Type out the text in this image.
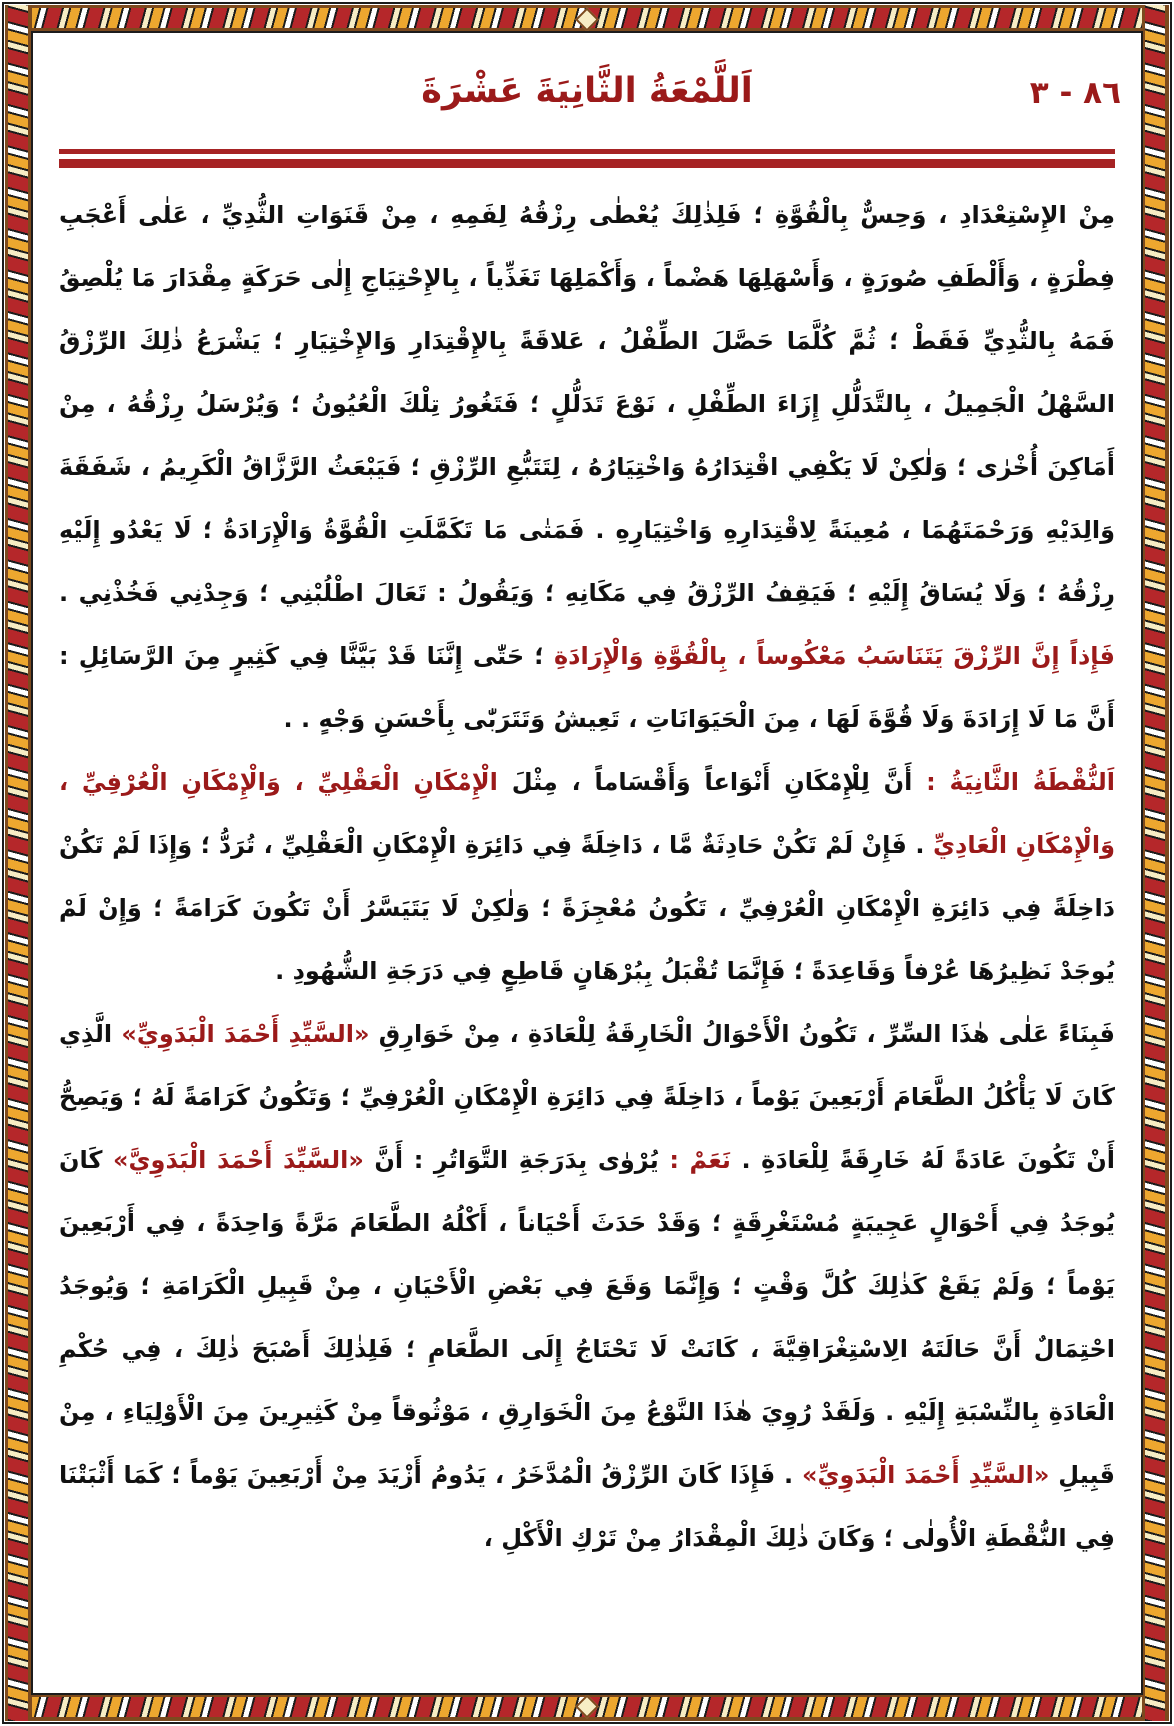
اَللَّمْعَةُ الثَّانِيَةَ عَشْرَةَ	٨٦ - ٣

مِنْ الإِسْتِعْدَادِ ، وَحِسٌّ بِالْقُوَّةِ ؛ فَلِذٰلِكَ يُعْطٰى رِزْقُهُ لِفَمِهِ ، مِنْ قَنَوَاتِ الثُّدِيِّ ، عَلٰى أَعْجَبِ فِطْرَةٍ ، وَأَلْطَفِ صُورَةٍ ، وَأَسْهَلِهَا هَضْماً ، وَأَكْمَلِهَا تَغَذِّياً ، بِالإِحْتِيَاجِ إِلٰى حَرَكَةٍ مِقْدَارَ مَا يُلْصِقُ فَمَهُ بِالثُّدِيِّ فَقَطْ ؛ ثُمَّ كُلَّمَا حَصَّلَ الطِّفْلُ ، عَلاقَةً بِالإِقْتِدَارِ وَالإِخْتِيَارِ ؛ يَشْرَعُ ذٰلِكَ الرِّزْقُ السَّهْلُ الْجَمِيلُ ، بِالتَّدَلُّلِ إِزَاءَ الطِّفْلِ ، نَوْعَ تَدَلُّلٍ ؛ فَتَغُورُ تِلْكَ الْعُيُونُ ؛ وَيُرْسَلُ رِزْقُهُ ، مِنْ أَمَاكِنَ أُخْرٰى ؛ وَلٰكِنْ لَا يَكْفِي اقْتِدَارُهُ وَاخْتِيَارُهُ ، لِتَتَبُّعِ الرِّزْقِ ؛ فَيَبْعَثُ الرَّزَّاقُ الْكَرِيمُ ، شَفَقَةَ وَالِدَيْهِ وَرَحْمَتَهُمَا ، مُعِينَةً لِاقْتِدَارِهِ وَاخْتِيَارِهِ . فَمَتٰى مَا تَكَمَّلَتِ الْقُوَّةُ وَالْإِرَادَةُ ؛ لَا يَعْدُو إِلَيْهِ رِزْقُهُ ؛ وَلَا يُسَاقُ إِلَيْهِ ؛ فَيَقِفُ الرِّزْقُ فِي مَكَانِهِ ؛ وَيَقُولُ : تَعَالَ اطْلُبْنِي ؛ وَجِدْنِي فَخُذْنِي . فَإِذاً إِنَّ الرِّزْقَ يَتَنَاسَبُ مَعْكُوساً ، بِالْقُوَّةِ وَالْإِرَادَةِ ؛ حَتّٰى إِنَّنَا قَدْ بَيَّنَّا فِي كَثِيرٍ مِنَ الرَّسَائِلِ : أَنَّ مَا لَا إِرَادَةَ وَلَا قُوَّةَ لَهَا ، مِنَ الْحَيَوَانَاتِ ، تَعِيشُ وَتَتَرَبّٰى بِأَحْسَنِ وَجْهٍ . .

اَلنُّقْطَةُ الثَّانِيَةُ : أَنَّ لِلْإِمْكَانِ أَنْوَاعاً وَأَقْسَاماً ، مِثْلَ الْإِمْكَانِ الْعَقْلِيِّ ، وَالْإِمْكَانِ الْعُرْفِيِّ ، وَالْإِمْكَانِ الْعَادِيِّ . فَإِنْ لَمْ تَكُنْ حَادِثَةٌ مَّا ، دَاخِلَةً فِي دَائِرَةِ الْإِمْكَانِ الْعَقْلِيِّ ، تُرَدُّ ؛ وَإِذَا لَمْ تَكُنْ دَاخِلَةً فِي دَائِرَةِ الْإِمْكَانِ الْعُرْفِيِّ ، تَكُونُ مُعْجِزَةً ؛ وَلٰكِنْ لَا يَتَيَسَّرُ أَنْ تَكُونَ كَرَامَةً ؛ وَإِنْ لَمْ يُوجَدْ نَظِيرُهَا عُرْفاً وَقَاعِدَةً ؛ فَإِنَّمَا تُقْبَلُ بِبُرْهَانٍ قَاطِعٍ فِي دَرَجَةِ الشُّهُودِ .

فَبِنَاءً عَلٰى هٰذَا السِّرِّ ، تَكُونُ الْأَحْوَالُ الْخَارِقَةُ لِلْعَادَةِ ، مِنْ خَوَارِقِ «السَّيِّدِ أَحْمَدَ الْبَدَوِيِّ» الَّذِي كَانَ لَا يَأْكُلُ الطَّعَامَ أَرْبَعِينَ يَوْماً ، دَاخِلَةً فِي دَائِرَةِ الْإِمْكَانِ الْعُرْفِيِّ ؛ وَتَكُونُ كَرَامَةً لَهُ ؛ وَيَصِحُّ أَنْ تَكُونَ عَادَةً لَهُ خَارِقَةً لِلْعَادَةِ . نَعَمْ : يُرْوٰى بِدَرَجَةِ التَّوَاتُرِ : أَنَّ «السَّيِّدَ أَحْمَدَ الْبَدَوِيَّ» كَانَ يُوجَدُ فِي أَحْوَالٍ عَجِيبَةٍ مُسْتَغْرِقَةٍ ؛ وَقَدْ حَدَثَ أَحْيَاناً ، أَكْلُهُ الطَّعَامَ مَرَّةً وَاحِدَةً ، فِي أَرْبَعِينَ يَوْماً ؛ وَلَمْ يَقَعْ كَذٰلِكَ كُلَّ وَقْتٍ ؛ وَإِنَّمَا وَقَعَ فِي بَعْضِ الْأَحْيَانِ ، مِنْ قَبِيلِ الْكَرَامَةِ ؛ وَيُوجَدُ احْتِمَالٌ أَنَّ حَالَتَهُ الِاسْتِغْرَاقِيَّةَ ، كَانَتْ لَا تَحْتَاجُ إِلَى الطَّعَامِ ؛ فَلِذٰلِكَ أَصْبَحَ ذٰلِكَ ، فِي حُكْمِ الْعَادَةِ بِالنِّسْبَةِ إِلَيْهِ . وَلَقَدْ رُوِيَ هٰذَا النَّوْعُ مِنَ الْخَوَارِقِ ، مَوْثُوقاً مِنْ كَثِيرِينَ مِنَ الْأَوْلِيَاءِ ، مِنْ قَبِيلِ «السَّيِّدِ أَحْمَدَ الْبَدَوِيِّ» . فَإِذَا كَانَ الرِّزْقُ الْمُدَّخَرُ ، يَدُومُ أَزْيَدَ مِنْ أَرْبَعِينَ يَوْماً ؛ كَمَا أَثْبَتْنَا فِي النُّقْطَةِ الْأُولٰى ؛ وَكَانَ ذٰلِكَ الْمِقْدَارُ مِنْ تَرْكِ الْأَكْلِ ،
